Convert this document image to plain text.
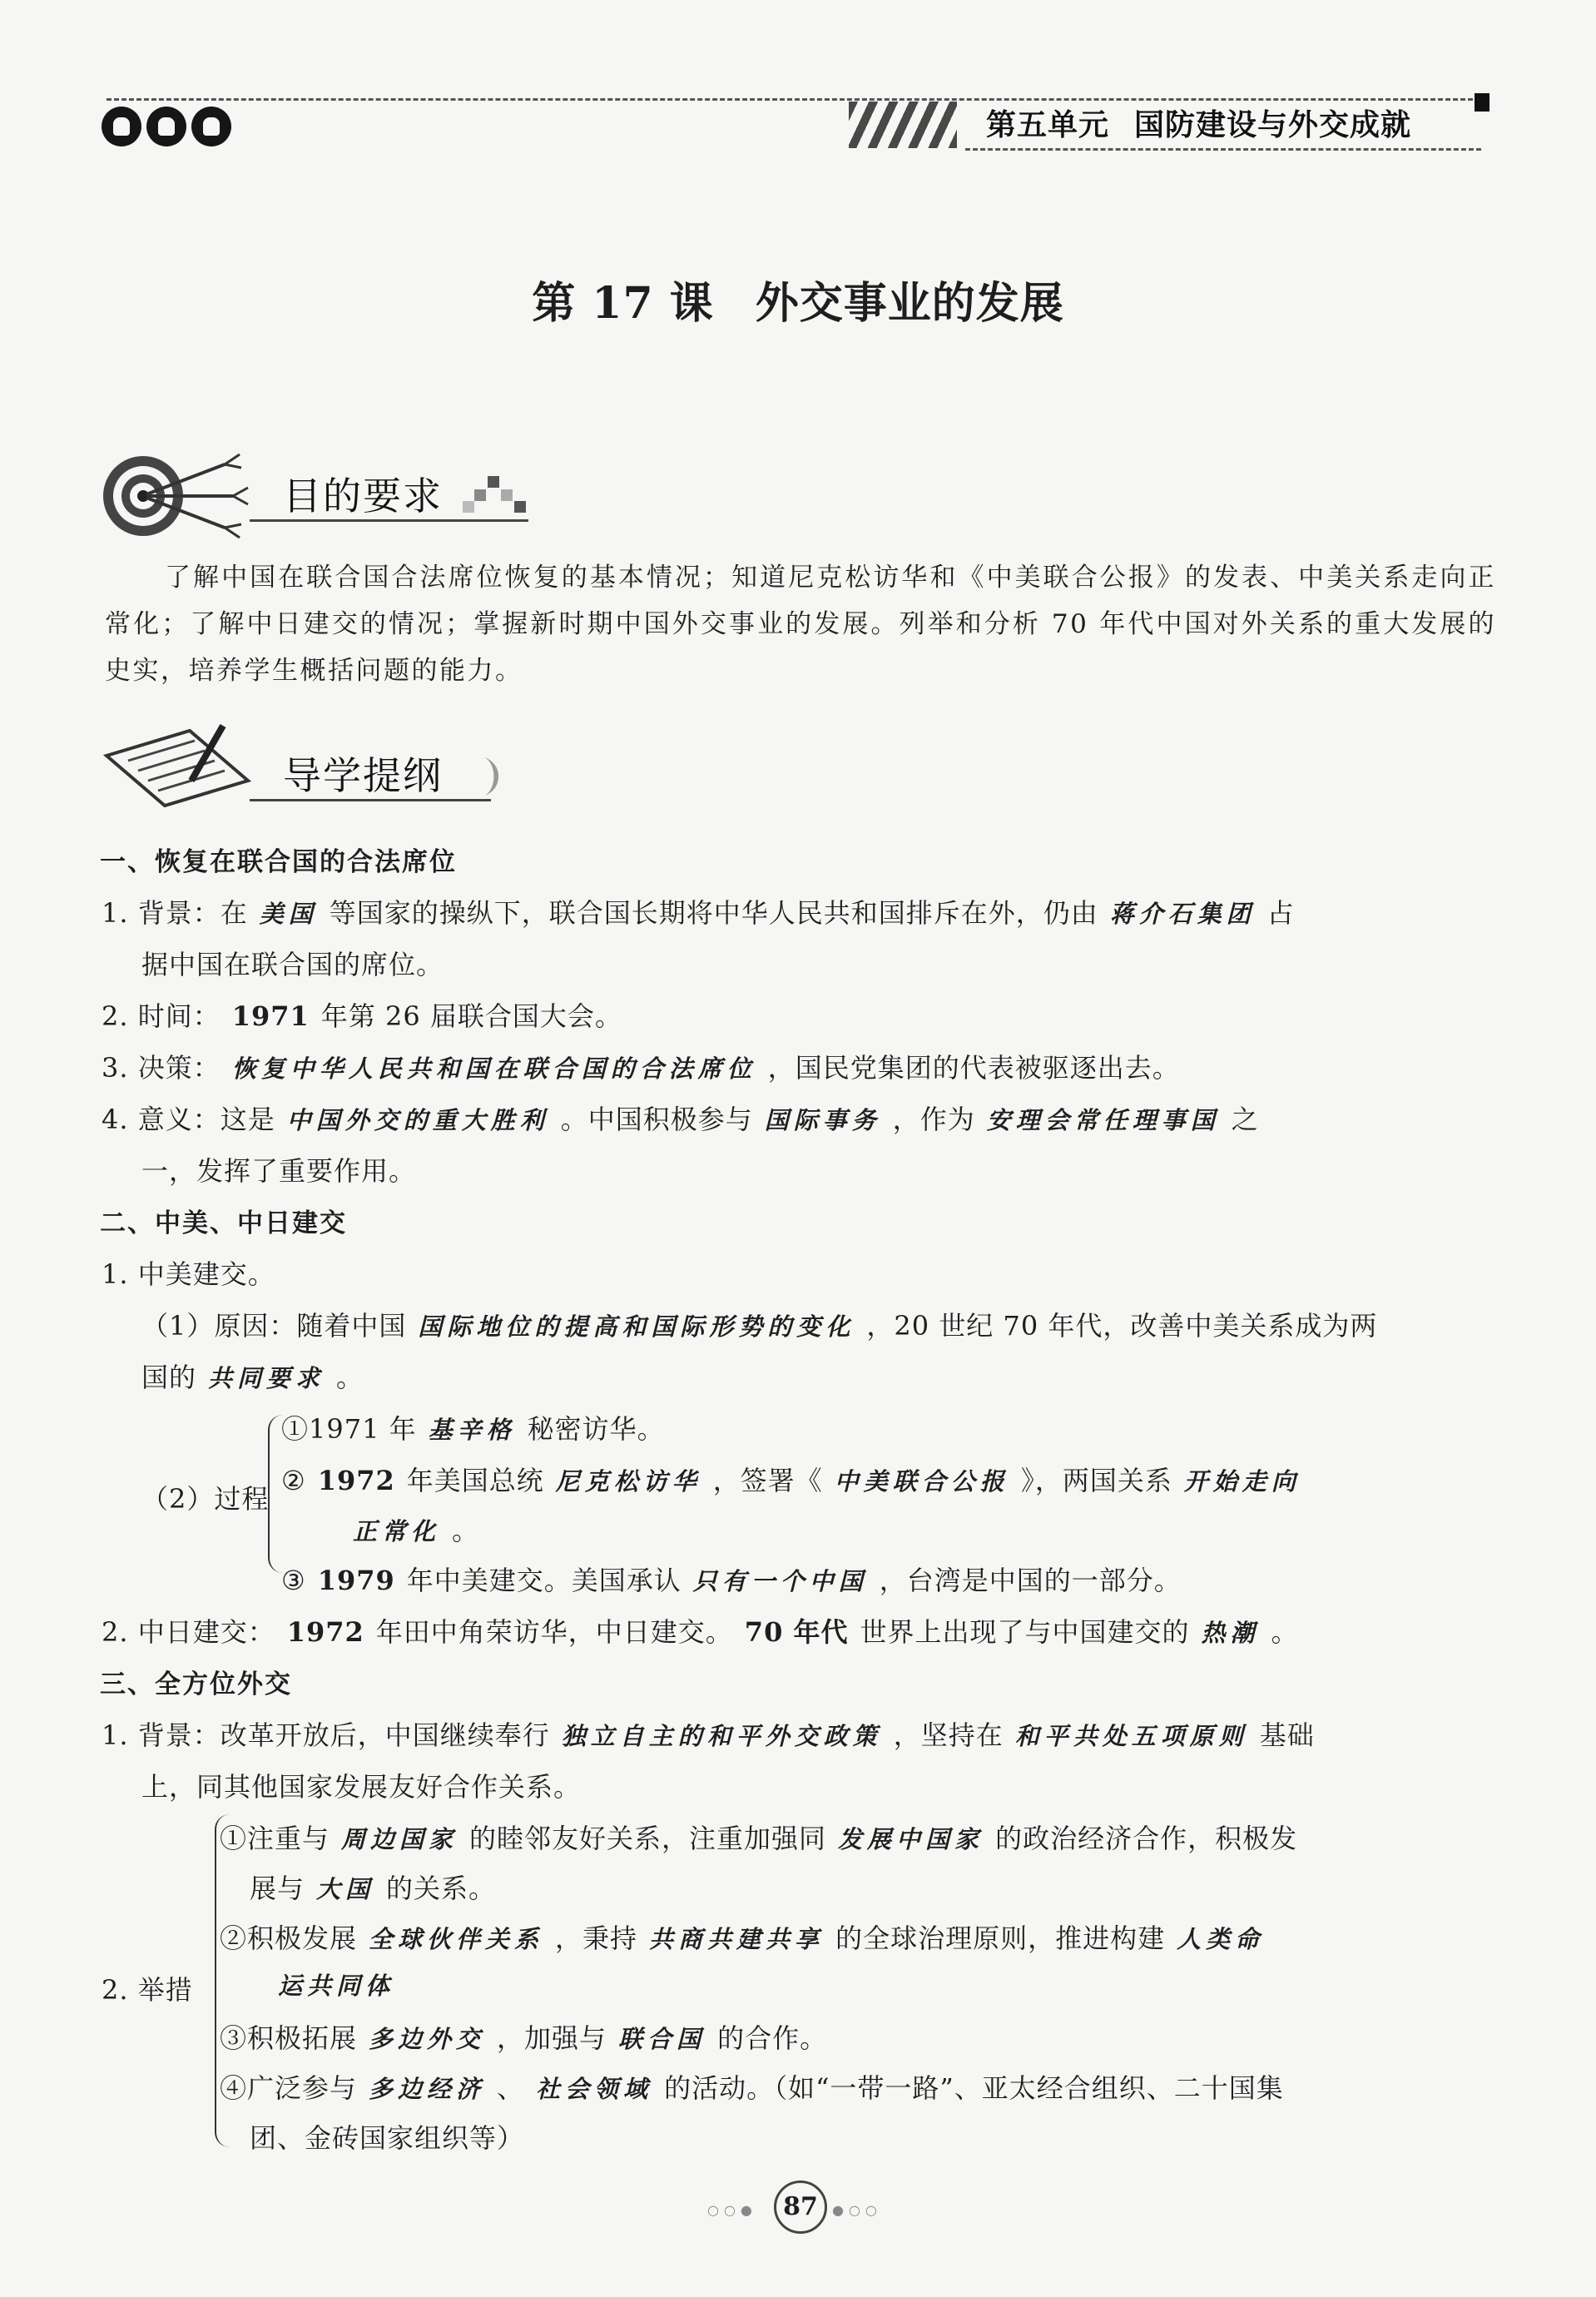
第五单元 国防建设与外交成就
第 17 课 外交事业的发展
目的要求
了解中国在联合国合法席位恢复的基本情况；知道尼克松访华和《中美联合公报》的发表、中美关系走向正常化；了解中日建交的情况；掌握新时期中国外交事业的发展。列举和分析 70 年代中国对外关系的重大发展的史实，培养学生概括问题的能力。
导学提纲
一、恢复在联合国的合法席位
1. 背景：在 美国 等国家的操纵下，联合国长期将中华人民共和国排斥在外，仍由 蒋介石集团 占
据中国在联合国的席位。
2. 时间： 1971 年第 26 届联合国大会。
3. 决策： 恢复中华人民共和国在联合国的合法席位 ，国民党集团的代表被驱逐出去。
4. 意义：这是 中国外交的重大胜利 。中国积极参与 国际事务 ，作为 安理会常任理事国 之
一，发挥了重要作用。
二、中美、中日建交
1. 中美建交。
（1）原因：随着中国 国际地位的提高和国际形势的变化 ，20 世纪 70 年代，改善中美关系成为两
国的 共同要求 。
（2）过程
①1971 年 基辛格 秘密访华。
② 1972 年美国总统 尼克松访华 ，签署《 中美联合公报 》，两国关系 开始走向
正常化 。
③ 1979 年中美建交。美国承认 只有一个中国 ，台湾是中国的一部分。
2. 中日建交： 1972 年田中角荣访华，中日建交。 70 年代 世界上出现了与中国建交的 热潮 。
三、全方位外交
1. 背景：改革开放后，中国继续奉行 独立自主的和平外交政策 ，坚持在 和平共处五项原则 基础
上，同其他国家发展友好合作关系。
2. 举措
①注重与 周边国家 的睦邻友好关系，注重加强同 发展中国家 的政治经济合作，积极发
展与 大国 的关系。
②积极发展 全球伙伴关系 ，秉持 共商共建共享 的全球治理原则，推进构建 人类命
运共同体
③积极拓展 多边外交 ，加强与 联合国 的合作。
④广泛参与 多边经济 、 社会领域 的活动。（如“一带一路”、亚太经合组织、二十国集
团、金砖国家组织等）
○○●	87	●○○
